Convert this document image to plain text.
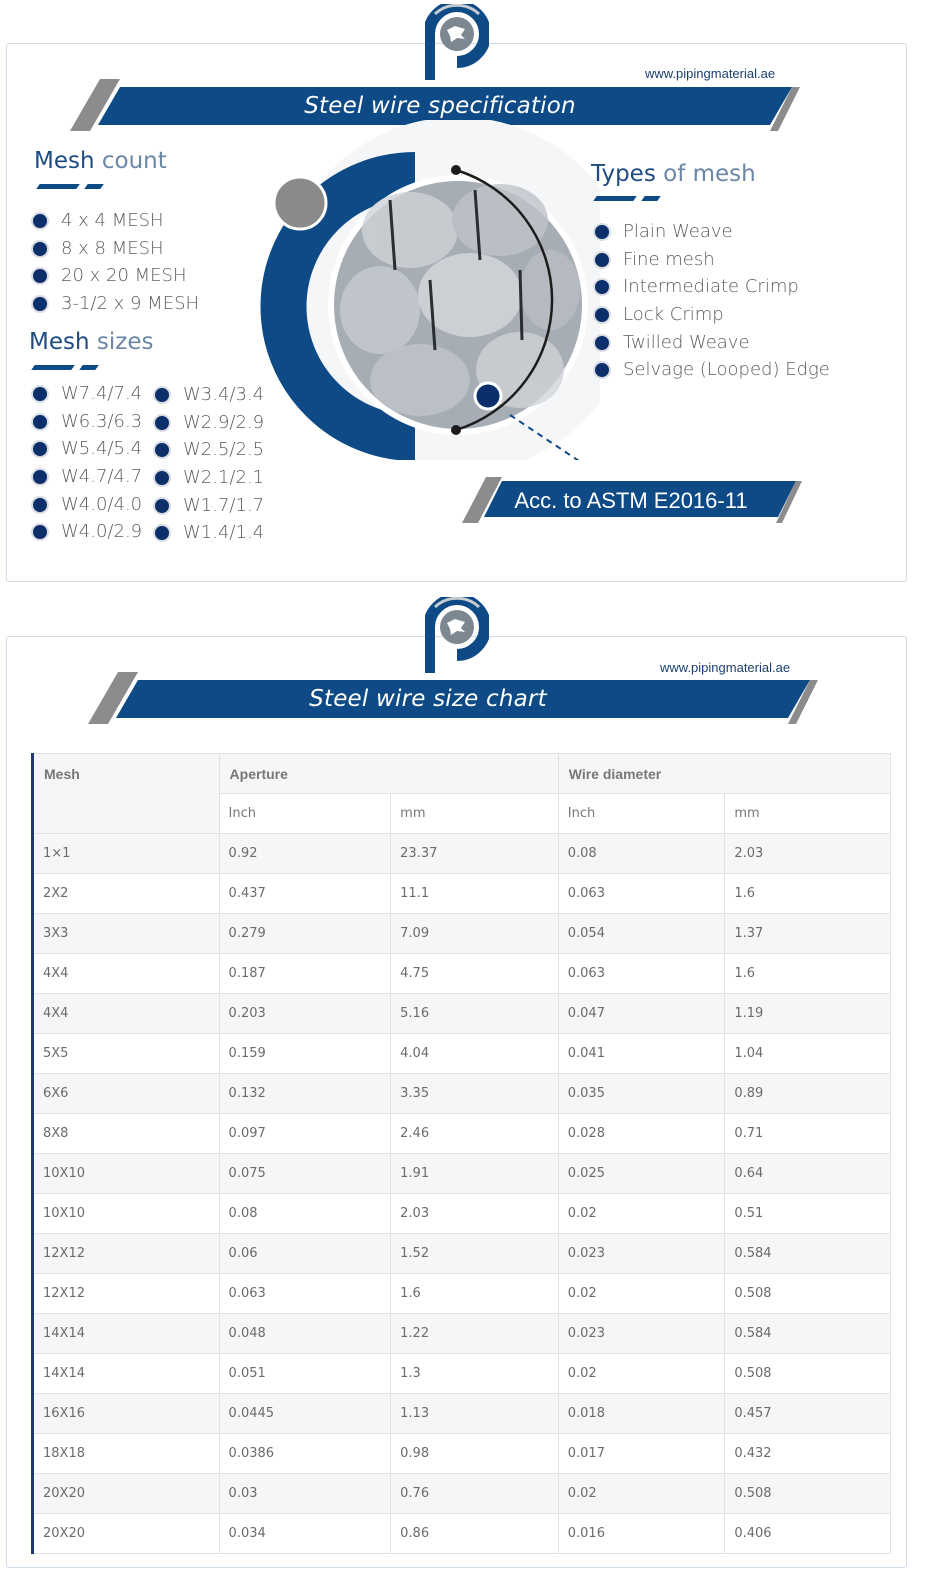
www.pipingmaterial.ae
Steel wire specification
Mesh count
4 x 4 MESH
8 x 8 MESH
20 x 20 MESH
3-1/2 x 9 MESH
Mesh sizes
W7.4/7.4
W6.3/6.3
W5.4/5.4
W4.7/4.7
W4.0/4.0
W4.0/2.9
W3.4/3.4
W2.9/2.9
W2.5/2.5
W2.1/2.1
W1.7/1.7
W1.4/1.4
Types of mesh
Plain Weave
Fine mesh
Intermediate Crimp
Lock Crimp
Twilled Weave
Selvage (Looped) Edge
Acc. to ASTM E2016-11
www.pipingmaterial.ae
Steel wire size chart
Mesh	Aperture		Wire diameter	
	Inch	mm	Inch	mm
1×1	0.92	23.37	0.08	2.03
2X2	0.437	11.1	0.063	1.6
3X3	0.279	7.09	0.054	1.37
4X4	0.187	4.75	0.063	1.6
4X4	0.203	5.16	0.047	1.19
5X5	0.159	4.04	0.041	1.04
6X6	0.132	3.35	0.035	0.89
8X8	0.097	2.46	0.028	0.71
10X10	0.075	1.91	0.025	0.64
10X10	0.08	2.03	0.02	0.51
12X12	0.06	1.52	0.023	0.584
12X12	0.063	1.6	0.02	0.508
14X14	0.048	1.22	0.023	0.584
14X14	0.051	1.3	0.02	0.508
16X16	0.0445	1.13	0.018	0.457
18X18	0.0386	0.98	0.017	0.432
20X20	0.03	0.76	0.02	0.508
20X20	0.034	0.86	0.016	0.406
